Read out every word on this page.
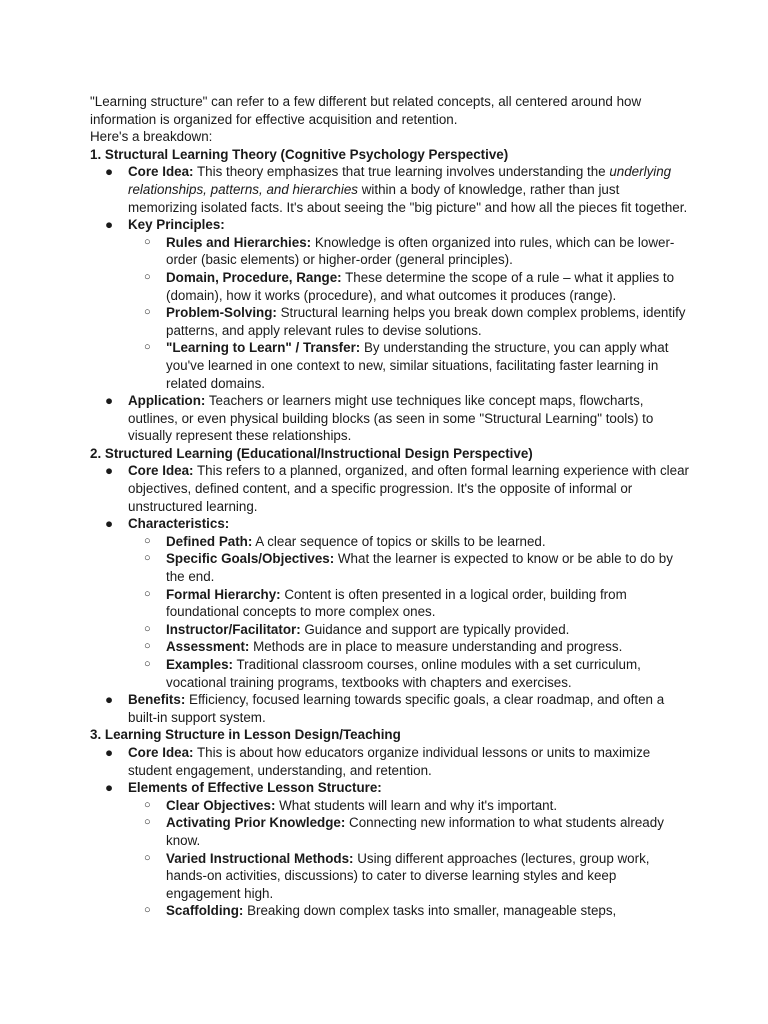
"Learning structure" can refer to a few different but related concepts, all centered around how information is organized for effective acquisition and retention.

Here's a breakdown:

1. Structural Learning Theory (Cognitive Psychology Perspective)

● Core Idea: This theory emphasizes that true learning involves understanding the underlying relationships, patterns, and hierarchies within a body of knowledge, rather than just memorizing isolated facts. It's about seeing the "big picture" and how all the pieces fit together.
● Key Principles:
○ Rules and Hierarchies: Knowledge is often organized into rules, which can be lower-order (basic elements) or higher-order (general principles).
○ Domain, Procedure, Range: These determine the scope of a rule – what it applies to (domain), how it works (procedure), and what outcomes it produces (range).
○ Problem-Solving: Structural learning helps you break down complex problems, identify patterns, and apply relevant rules to devise solutions.
○ "Learning to Learn" / Transfer: By understanding the structure, you can apply what you've learned in one context to new, similar situations, facilitating faster learning in related domains.
● Application: Teachers or learners might use techniques like concept maps, flowcharts, outlines, or even physical building blocks (as seen in some "Structural Learning" tools) to visually represent these relationships.

2. Structured Learning (Educational/Instructional Design Perspective)

● Core Idea: This refers to a planned, organized, and often formal learning experience with clear objectives, defined content, and a specific progression. It's the opposite of informal or unstructured learning.
● Characteristics:
○ Defined Path: A clear sequence of topics or skills to be learned.
○ Specific Goals/Objectives: What the learner is expected to know or be able to do by the end.
○ Formal Hierarchy: Content is often presented in a logical order, building from foundational concepts to more complex ones.
○ Instructor/Facilitator: Guidance and support are typically provided.
○ Assessment: Methods are in place to measure understanding and progress.
○ Examples: Traditional classroom courses, online modules with a set curriculum, vocational training programs, textbooks with chapters and exercises.
● Benefits: Efficiency, focused learning towards specific goals, a clear roadmap, and often a built-in support system.

3. Learning Structure in Lesson Design/Teaching

● Core Idea: This is about how educators organize individual lessons or units to maximize student engagement, understanding, and retention.
● Elements of Effective Lesson Structure:
○ Clear Objectives: What students will learn and why it's important.
○ Activating Prior Knowledge: Connecting new information to what students already know.
○ Varied Instructional Methods: Using different approaches (lectures, group work, hands-on activities, discussions) to cater to diverse learning styles and keep engagement high.
○ Scaffolding: Breaking down complex tasks into smaller, manageable steps,
